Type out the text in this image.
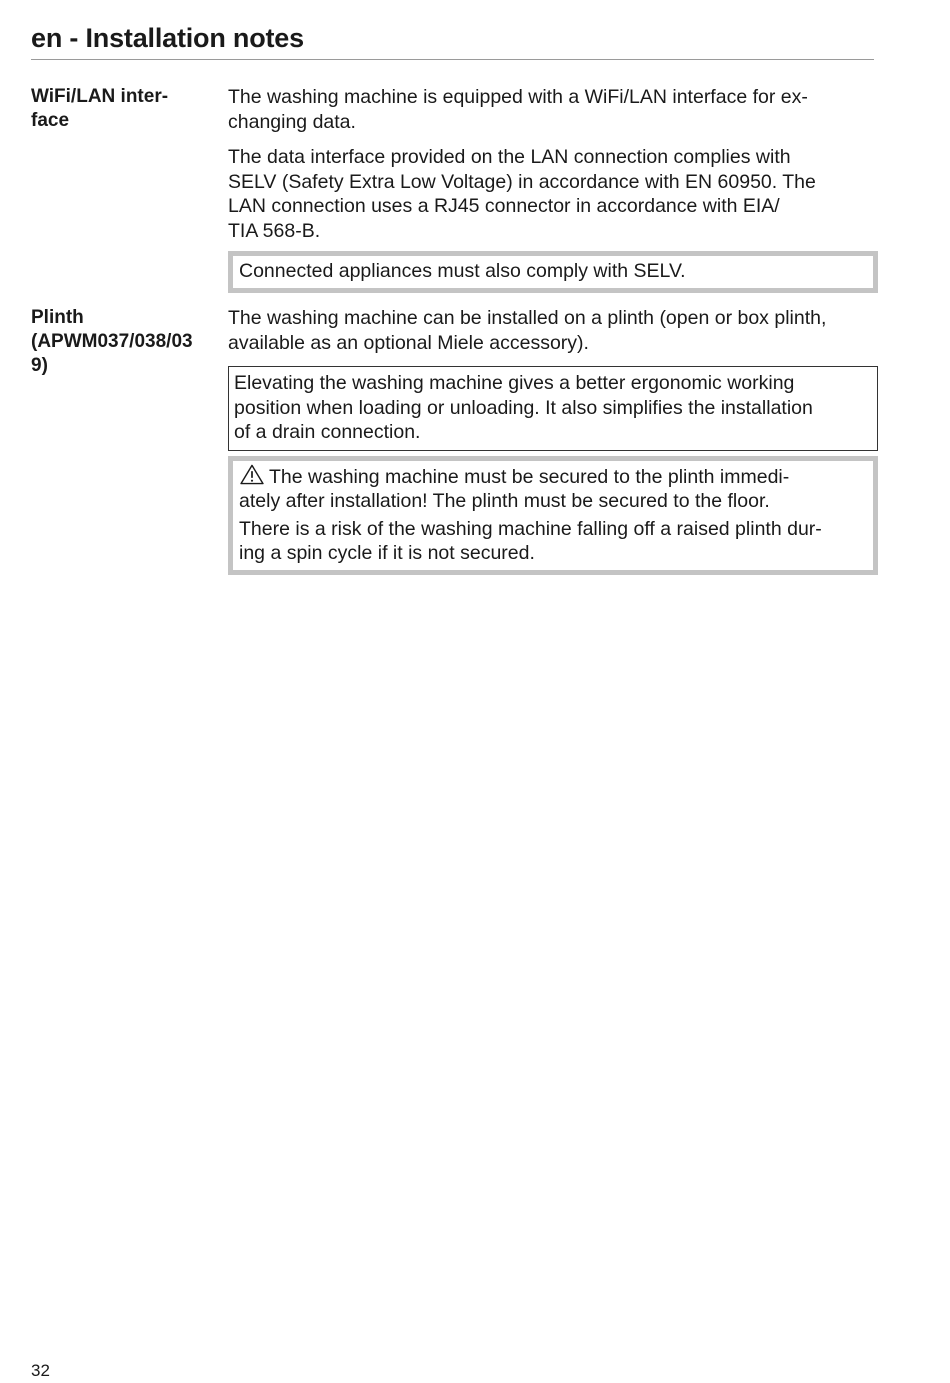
en - Installation notes
WiFi/LAN inter-
face

The washing machine is equipped with a WiFi/LAN interface for ex-
changing data.

The data interface provided on the LAN connection complies with
SELV (Safety Extra Low Voltage) in accordance with EN 60950. The
LAN connection uses a RJ45 connector in accordance with EIA/
TIA 568-B.

Connected appliances must also comply with SELV.

Plinth
(APWM037/038/03
9)

The washing machine can be installed on a plinth (open or box plinth,
available as an optional Miele accessory).

Elevating the washing machine gives a better ergonomic working
position when loading or unloading. It also simplifies the installation
of a drain connection.

The washing machine must be secured to the plinth immedi-
ately after installation! The plinth must be secured to the floor.

There is a risk of the washing machine falling off a raised plinth dur-
ing a spin cycle if it is not secured.

32
